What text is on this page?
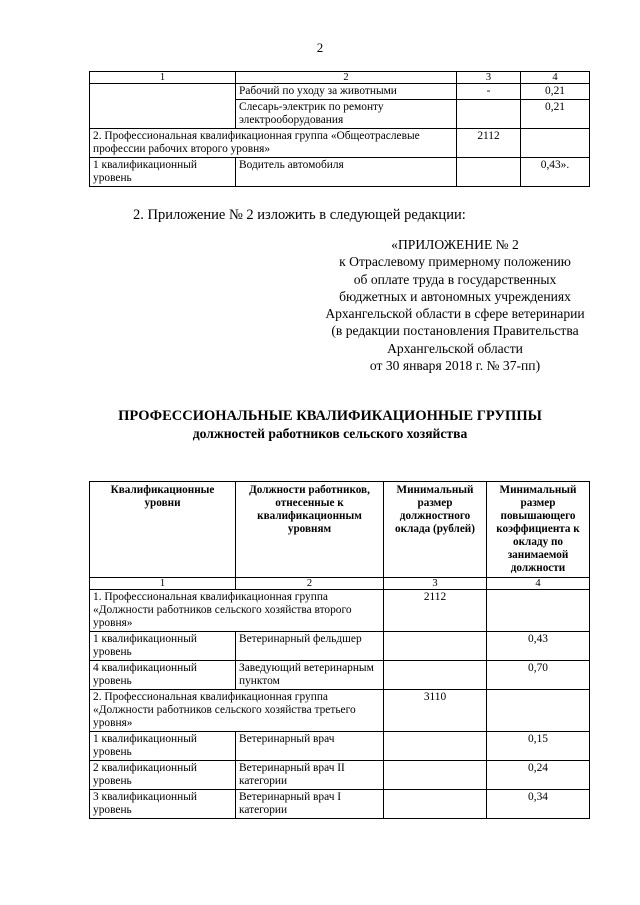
2
1	2	3	4
	Рабочий по уходу за животными	-	0,21
	Слесарь-электрик по ремонту электрооборудования		0,21
2. Профессиональная квалификационная группа «Общеотраслевые профессии рабочих второго уровня»		2112	
1 квалификационный уровень	Водитель автомобиля		0,43».
2. Приложение № 2 изложить в следующей редакции:
«ПРИЛОЖЕНИЕ № 2
к Отраслевому примерному положению
об оплате труда в государственных
бюджетных и автономных учреждениях
Архангельской области в сфере ветеринарии
(в редакции постановления Правительства
Архангельской области
от 30 января 2018 г. № 37-пп)
ПРОФЕССИОНАЛЬНЫЕ КВАЛИФИКАЦИОННЫЕ ГРУППЫ
должностей работников сельского хозяйства
Квалификационные уровни	Должности работников, отнесенные к квалификационным уровням	Минимальный размер должностного оклада (рублей)	Минимальный размер повышающего коэффициента к окладу по занимаемой должности
1	2	3	4
1. Профессиональная квалификационная группа «Должности работников сельского хозяйства второго уровня»		2112	
1 квалификационный уровень	Ветеринарный фельдшер		0,43
4 квалификационный уровень	Заведующий ветеринарным пунктом		0,70
2. Профессиональная квалификационная группа «Должности работников сельского хозяйства третьего уровня»		3110	
1 квалификационный уровень	Ветеринарный врач		0,15
2 квалификационный уровень	Ветеринарный врач II категории		0,24
3 квалификационный уровень	Ветеринарный врач I категории		0,34
